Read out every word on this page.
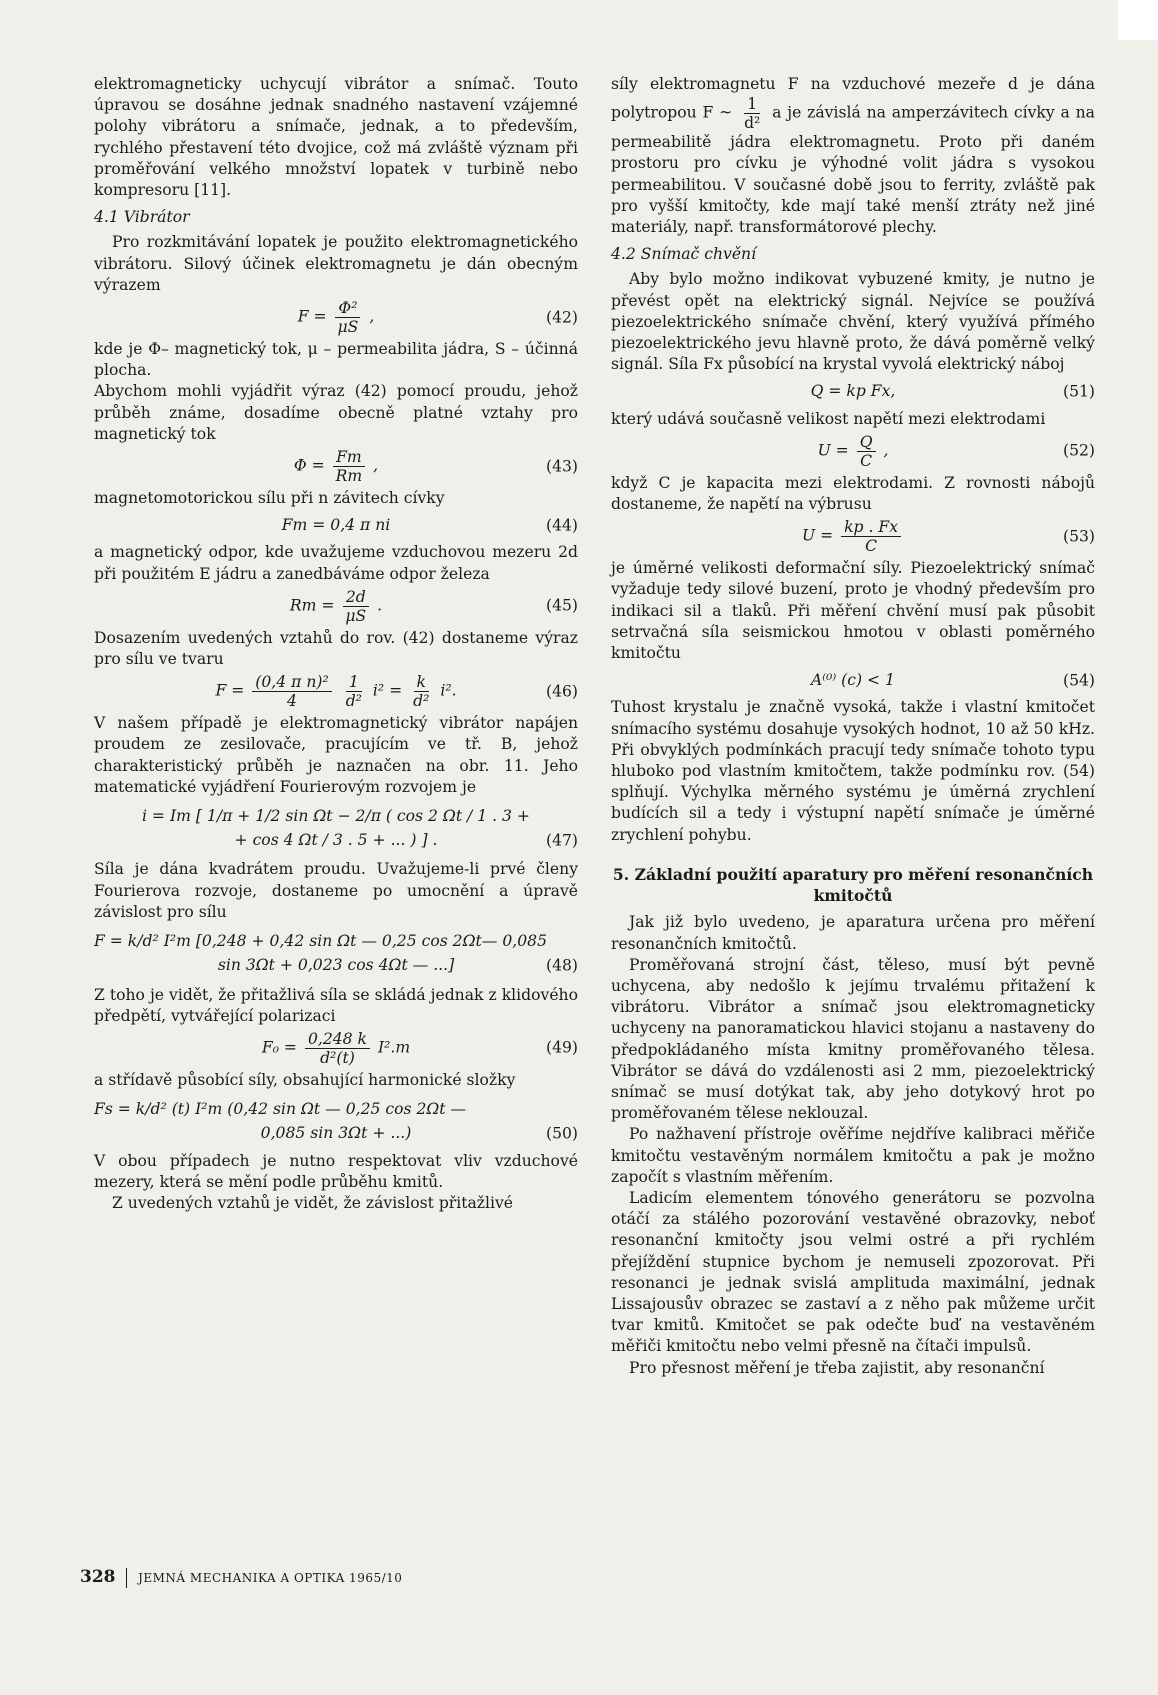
elektromagneticky uchycují vibrátor a snímač. Touto úpravou se dosáhne jednak snadného nastavení vzájemné polohy vibrátoru a snímače, jednak, a to především, rychlého přestavení této dvojice, což má zvláště význam při proměřování velkého množství lopatek v turbině nebo kompresoru [11].

4.1 Vibrátor

Pro rozkmitávání lopatek je použito elektromagnetického vibrátoru. Silový účinek elektromagnetu je dán obecným výrazem

$F = \frac{\text{Φ²}}{\mu S}$ ,	(42)

kde je Φ– magnetický tok, μ – permeabilita jádra, S – účinná plocha.

Abychom mohli vyjádřit výraz (42) pomocí proudu, jehož průběh známe, dosadíme obecně platné vztahy pro magnetický tok

$\Phi = \frac{Fm}{Rm}$ ,	(43)

magnetomotorickou sílu při n závitech cívky

Fm = 0,4 π ni	(44)

a magnetický odpor, kde uvažujeme vzduchovou mezeru 2d při použitém E jádru a zanedbáváme odpor železa

$Rm = \frac{2d}{\mu S}$ .	(45)

Dosazením uvedených vztahů do rov. (42) dostaneme výraz pro sílu ve tvaru

$F = \frac{\text{(0,4 π n)²}}{4}$
$\frac{1}{\text{d²}} i^2 = \frac{k}{\text{d²}} i^2$.	(46)

V našem případě je elektromagnetický vibrátor napájen proudem ze zesilovače, pracujícím ve tř. B, jehož charakteristický průběh je naznačen na obr. 11. Jeho matematické vyjádření Fourierovým rozvojem je

i = Im [ 1/π + 1/2 sin Ωt − 2/π ( cos 2 Ωt / 1 . 3 +
+ cos 4 Ωt / 3 . 5 + ... ) ] .	(47)

Síla je dána kvadrátem proudu. Uvažujeme-li prvé členy Fourierova rozvoje, dostaneme po umocnění a úpravě závislost pro sílu

F = k/d² I²m [0,248 + 0,42 sin Ωt — 0,25 cos 2Ωt— 0,085
sin 3Ωt + 0,023 cos 4Ωt — ...]	(48)

Z toho je vidět, že přitažlivá síla se skládá jednak z klidového předpětí, vytvářející polarizaci

$F_0 = \frac{0,248 k}{\text{d²(t)}} I^2.m$	(49)

a střídavě působící síly, obsahující harmonické složky

Fs = k/d² (t) I²m (0,42 sin Ωt — 0,25 cos 2Ωt —
0,085 sin 3Ωt + ...)	(50)

V obou případech je nutno respektovat vliv vzduchové mezery, která se mění podle průběhu kmitů.

Z uvedených vztahů je vidět, že závislost přitažlivé

síly elektromagnetu F na vzduchové mezeře d je dána polytropou F ~ $\frac{1}{\text{d²}}$ a je závislá na amperzávitech cívky a na permeabilitě jádra elektromagnetu. Proto při daném prostoru pro cívku je výhodné volit jádra s vysokou permeabilitou. V současné době jsou to ferrity, zvláště pak pro vyšší kmitočty, kde mají také menší ztráty než jiné materiály, např. transformátorové plechy.

4.2 Snímač chvění

Aby bylo možno indikovat vybuzené kmity, je nutno je převést opět na elektrický signál. Nejvíce se používá piezoelektrického snímače chvění, který využívá přímého piezoelektrického jevu hlavně proto, že dává poměrně velký signál. Síla Fx působící na krystal vyvolá elektrický náboj

Q = kp Fx,	(51)

který udává současně velikost napětí mezi elektrodami

$U = \frac{Q}{C}$ ,	(52)

když C je kapacita mezi elektrodami. Z rovnosti nábojů dostaneme, že napětí na výbrusu

$U = \frac{kp . Fx}{C}$	(53)

je úměrné velikosti deformační síly. Piezoelektrický snímač vyžaduje tedy silové buzení, proto je vhodný především pro indikaci sil a tlaků. Při měření chvění musí pak působit setrvačná síla seismickou hmotou v oblasti poměrného kmitočtu

A⁽⁰⁾ (c) < 1	(54)

Tuhost krystalu je značně vysoká, takže i vlastní kmitočet snímacího systému dosahuje vysokých hodnot, 10 až 50 kHz. Při obvyklých podmínkách pracují tedy snímače tohoto typu hluboko pod vlastním kmitočtem, takže podmínku rov. (54) splňují. Výchylka měrného systému je úměrná zrychlení budících sil a tedy i výstupní napětí snímače je úměrné zrychlení pohybu.

5. Základní použití aparatury pro měření resonančních kmitočtů

Jak již bylo uvedeno, je aparatura určena pro měření resonančních kmitočtů.

Proměřovaná strojní část, těleso, musí být pevně uchycena, aby nedošlo k jejímu trvalému přitažení k vibrátoru. Vibrátor a snímač jsou elektromagneticky uchyceny na panoramatickou hlavici stojanu a nastaveny do předpokládaného místa kmitny proměřovaného tělesa. Vibrátor se dává do vzdálenosti asi 2 mm, piezoelektrický snímač se musí dotýkat tak, aby jeho dotykový hrot po proměřovaném tělese neklouzal.

Po nažhavení přístroje ověříme nejdříve kalibraci měřiče kmitočtu vestavěným normálem kmitočtu a pak je možno započít s vlastním měřením.

Ladicím elementem tónového generátoru se pozvolna otáčí za stálého pozorování vestavěné obrazovky, neboť resonanční kmitočty jsou velmi ostré a při rychlém přejíždění stupnice bychom je nemuseli zpozorovat. Při resonanci je jednak svislá amplituda maximální, jednak Lissajousův obrazec se zastaví a z něho pak můžeme určit tvar kmitů. Kmitočet se pak odečte buď na vestavěném měřiči kmitočtu nebo velmi přesně na čítači impulsů.

Pro přesnost měření je třeba zajistit, aby resonanční

328 JEMNÁ MECHANIKA A OPTIKA 1965/10
